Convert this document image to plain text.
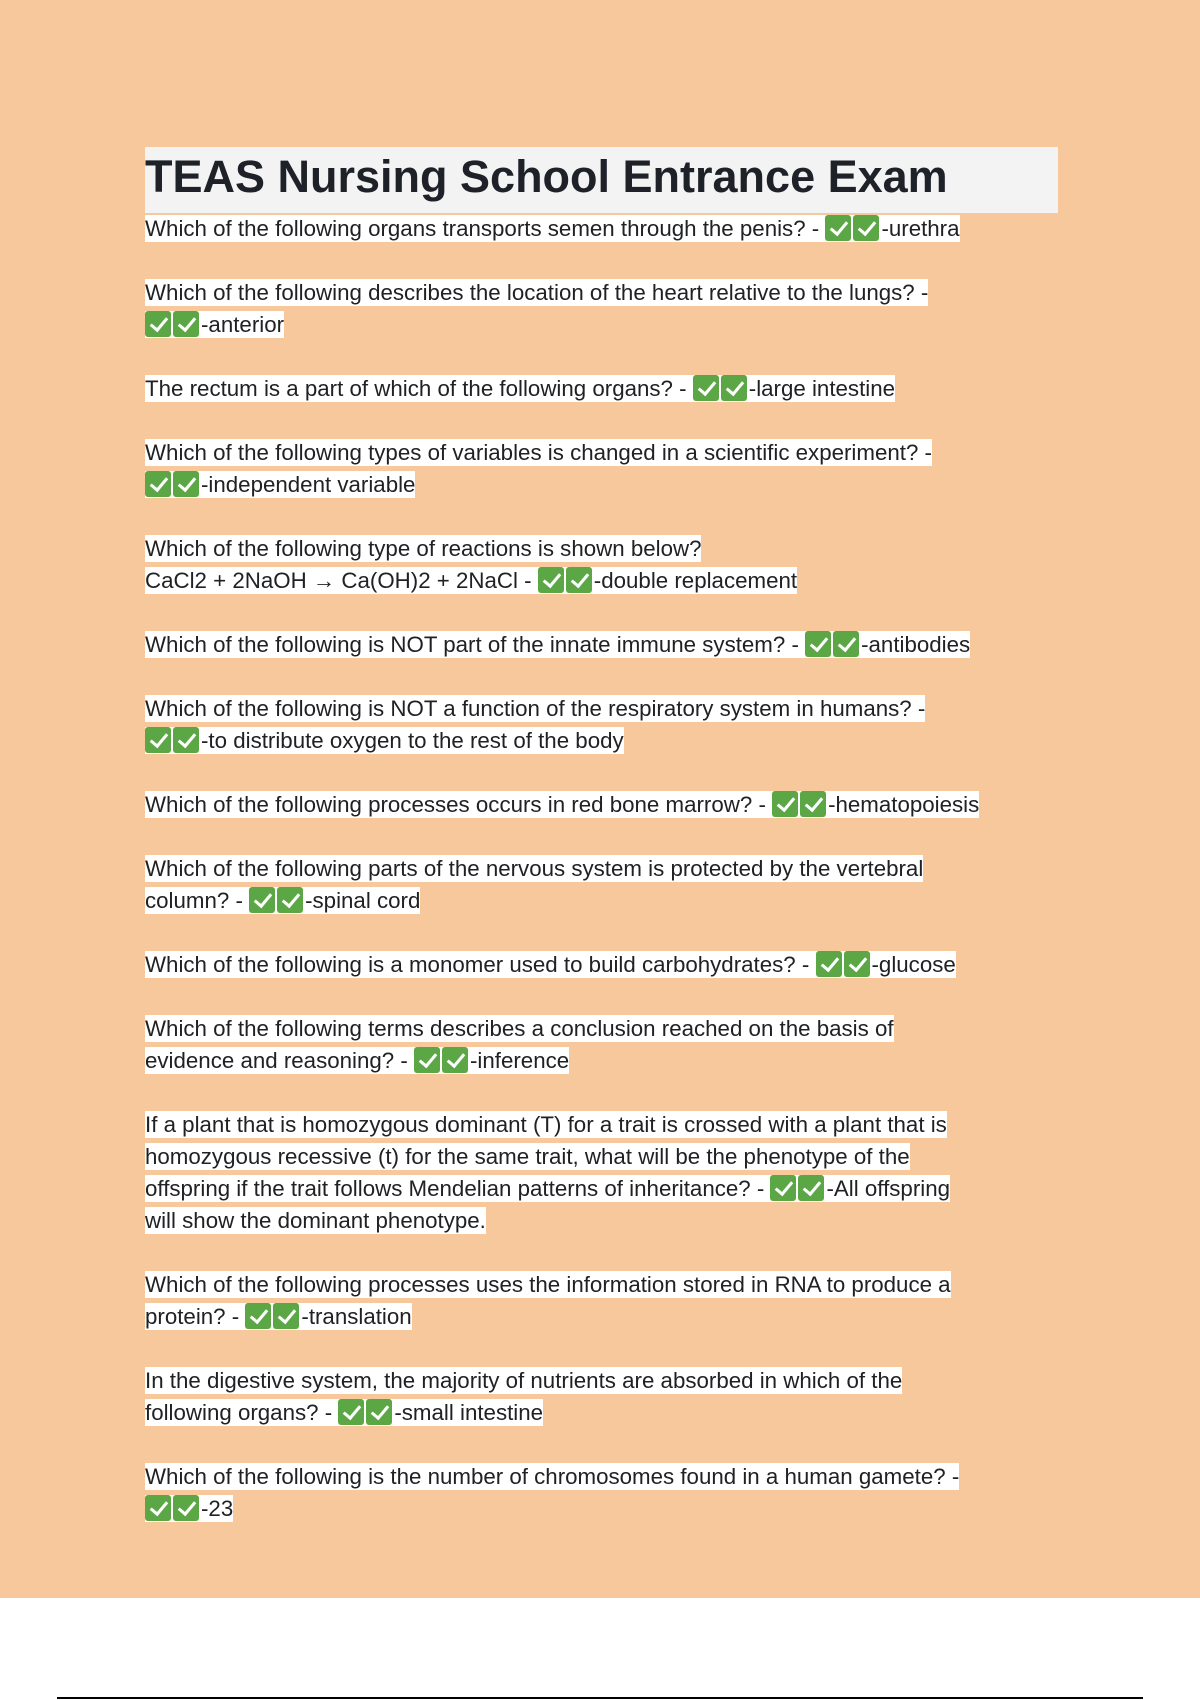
TEAS Nursing School Entrance Exam
Which of the following organs transports semen through the penis? -	-urethra
Which of the following describes the location of the heart relative to the lungs? -
-anterior
The rectum is a part of which of the following organs? -	-large intestine
Which of the following types of variables is changed in a scientific experiment? -
-independent variable
Which of the following type of reactions is shown below?
CaCl2 + 2NaOH → Ca(OH)2 + 2NaCl -	-double replacement
Which of the following is NOT part of the innate immune system? -	-antibodies
Which of the following is NOT a function of the respiratory system in humans? -
-to distribute oxygen to the rest of the body
Which of the following processes occurs in red bone marrow? -	-hematopoiesis
Which of the following parts of the nervous system is protected by the vertebral
column? -	-spinal cord
Which of the following is a monomer used to build carbohydrates? -	-glucose
Which of the following terms describes a conclusion reached on the basis of
evidence and reasoning? -	-inference
If a plant that is homozygous dominant (T) for a trait is crossed with a plant that is
homozygous recessive (t) for the same trait, what will be the phenotype of the
offspring if the trait follows Mendelian patterns of inheritance? -	-All offspring
will show the dominant phenotype.
Which of the following processes uses the information stored in RNA to produce a
protein? -	-translation
In the digestive system, the majority of nutrients are absorbed in which of the
following organs? -	-small intestine
Which of the following is the number of chromosomes found in a human gamete? -
-23
